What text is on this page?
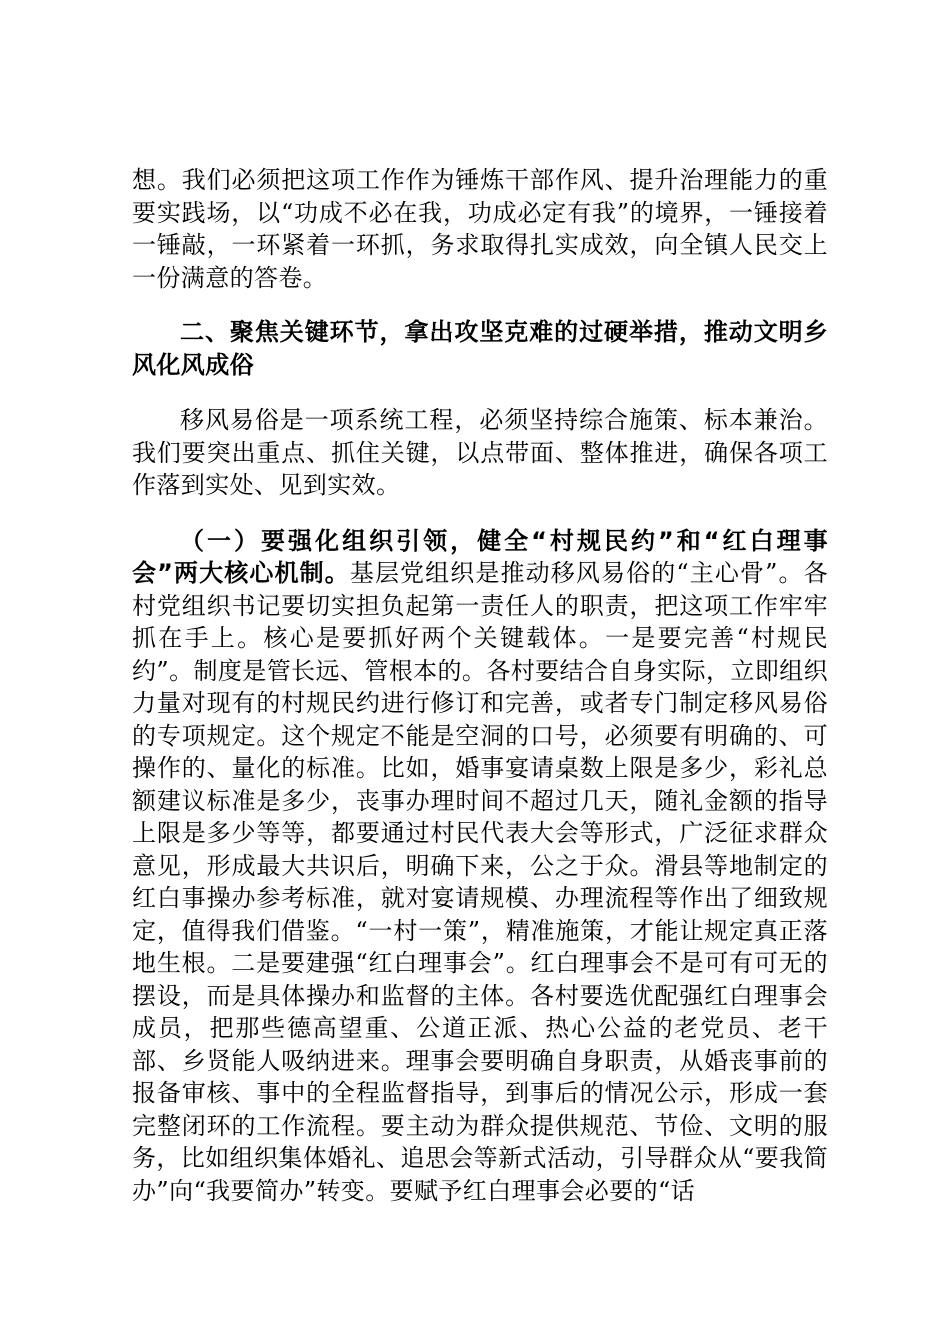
想。我们必须把这项工作作为锤炼干部作风、提升治理能力的重要实践场，以“功成不必在我，功成必定有我”的境界，一锤接着一锤敲，一环紧着一环抓，务求取得扎实成效，向全镇人民交上一份满意的答卷。

二、聚焦关键环节，拿出攻坚克难的过硬举措，推动文明乡风化风成俗

移风易俗是一项系统工程，必须坚持综合施策、标本兼治。我们要突出重点、抓住关键，以点带面、整体推进，确保各项工作落到实处、见到实效。

（一）要强化组织引领，健全“村规民约”和“红白理事会”两大核心机制。基层党组织是推动移风易俗的“主心骨”。各村党组织书记要切实担负起第一责任人的职责，把这项工作牢牢抓在手上。核心是要抓好两个关键载体。一是要完善“村规民约”。制度是管长远、管根本的。各村要结合自身实际，立即组织力量对现有的村规民约进行修订和完善，或者专门制定移风易俗的专项规定。这个规定不能是空洞的口号，必须要有明确的、可操作的、量化的标准。比如，婚事宴请桌数上限是多少，彩礼总额建议标准是多少，丧事办理时间不超过几天，随礼金额的指导上限是多少等等，都要通过村民代表大会等形式，广泛征求群众意见，形成最大共识后，明确下来，公之于众。滑县等地制定的红白事操办参考标准，就对宴请规模、办理流程等作出了细致规定，值得我们借鉴。“一村一策”，精准施策，才能让规定真正落地生根。二是要建强“红白理事会”。红白理事会不是可有可无的摆设，而是具体操办和监督的主体。各村要选优配强红白理事会成员，把那些德高望重、公道正派、热心公益的老党员、老干部、乡贤能人吸纳进来。理事会要明确自身职责，从婚丧事前的报备审核、事中的全程监督指导，到事后的情况公示，形成一套完整闭环的工作流程。要主动为群众提供规范、节俭、文明的服务，比如组织集体婚礼、追思会等新式活动，引导群众从“要我简办”向“我要简办”转变。要赋予红白理事会必要的“话
